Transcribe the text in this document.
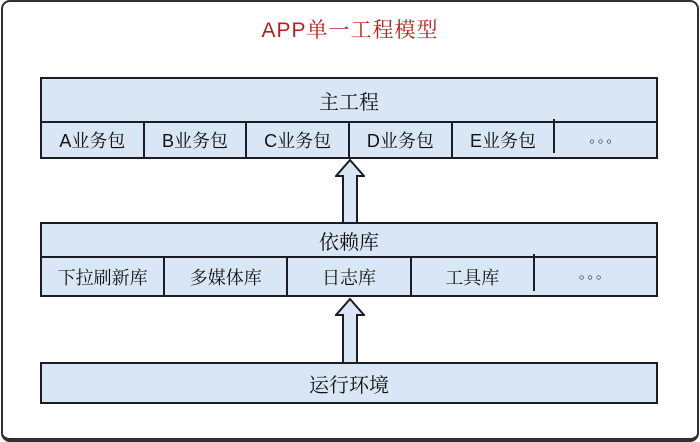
APP单一工程模型
主工程
A业务包	B业务包	C业务包	D业务包	E业务包	。。。
依赖库
下拉刷新库	多媒体库	日志库	工具库	。。。
运行环境
